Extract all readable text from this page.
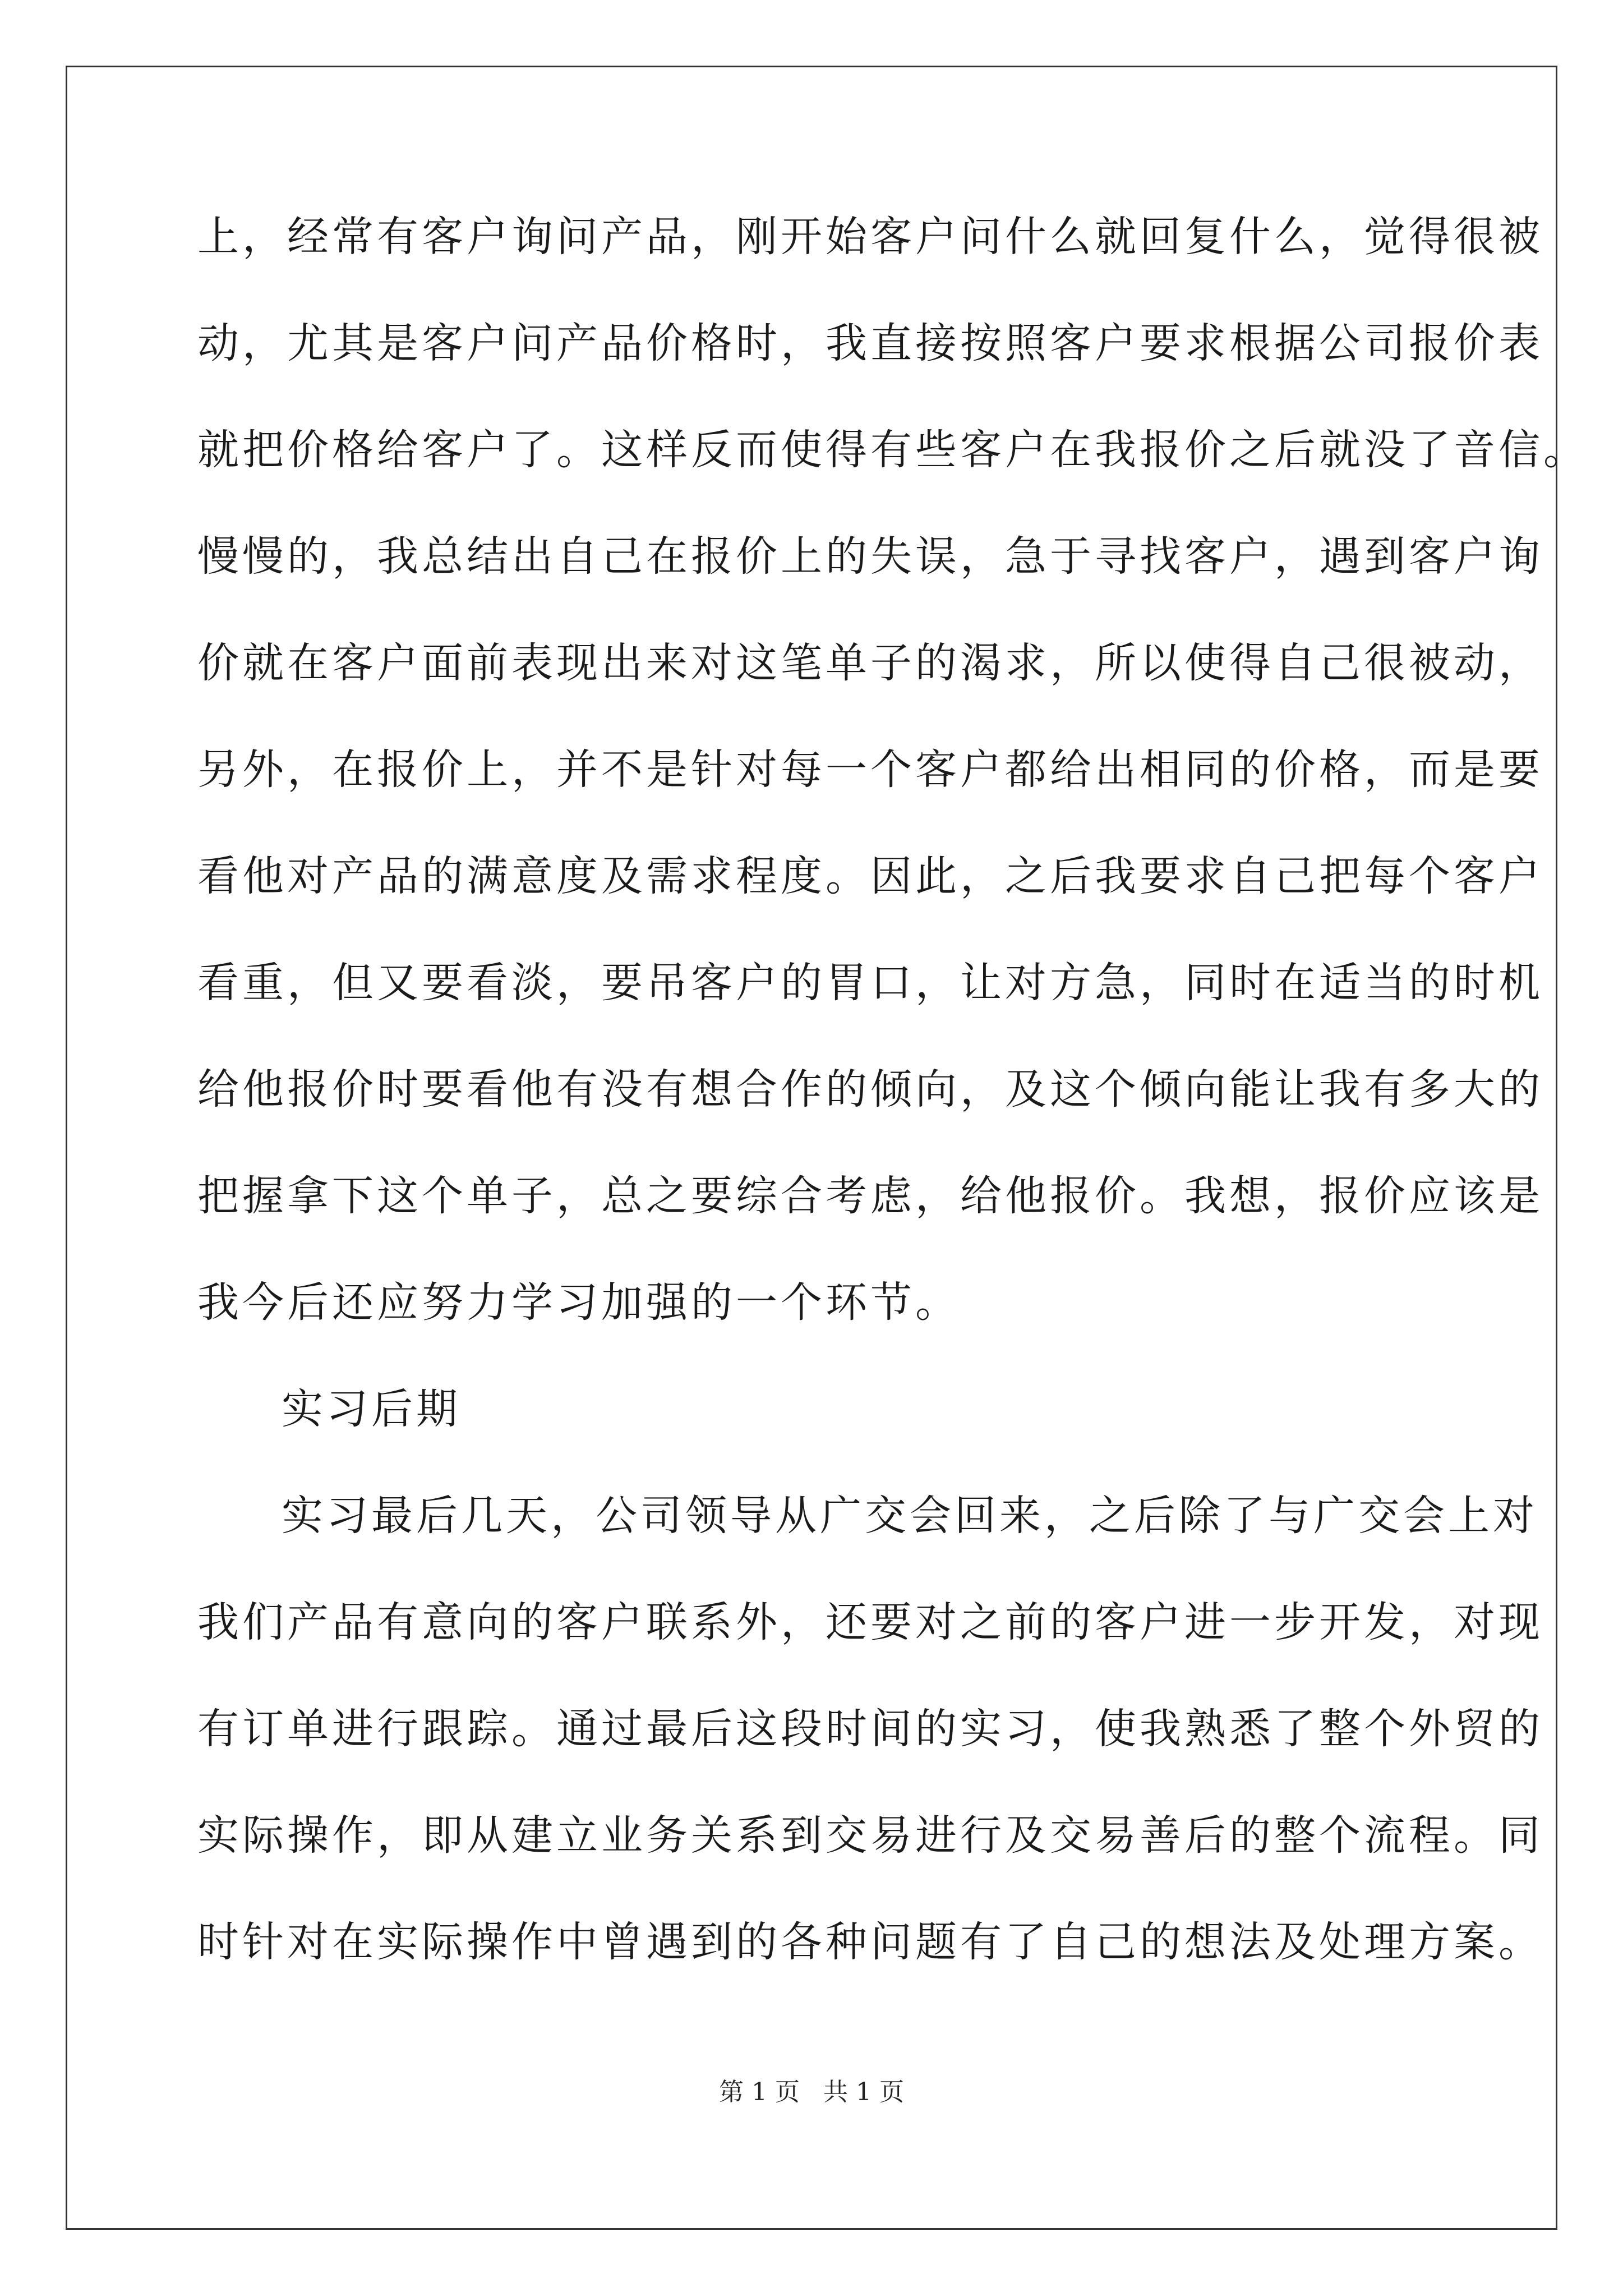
上，经常有客户询问产品，刚开始客户问什么就回复什么，觉得很被
动，尤其是客户问产品价格时，我直接按照客户要求根据公司报价表
就把价格给客户了。这样反而使得有些客户在我报价之后就没了音信。
慢慢的，我总结出自己在报价上的失误，急于寻找客户，遇到客户询
价就在客户面前表现出来对这笔单子的渴求，所以使得自己很被动，
另外，在报价上，并不是针对每一个客户都给出相同的价格，而是要
看他对产品的满意度及需求程度。因此，之后我要求自己把每个客户
看重，但又要看淡，要吊客户的胃口，让对方急，同时在适当的时机
给他报价时要看他有没有想合作的倾向，及这个倾向能让我有多大的
把握拿下这个单子，总之要综合考虑，给他报价。我想，报价应该是
我今后还应努力学习加强的一个环节。
实习后期
实习最后几天，公司领导从广交会回来，之后除了与广交会上对
我们产品有意向的客户联系外，还要对之前的客户进一步开发，对现
有订单进行跟踪。通过最后这段时间的实习，使我熟悉了整个外贸的
实际操作，即从建立业务关系到交易进行及交易善后的整个流程。同
时针对在实际操作中曾遇到的各种问题有了自己的想法及处理方案。
第 1 页   共 1 页
